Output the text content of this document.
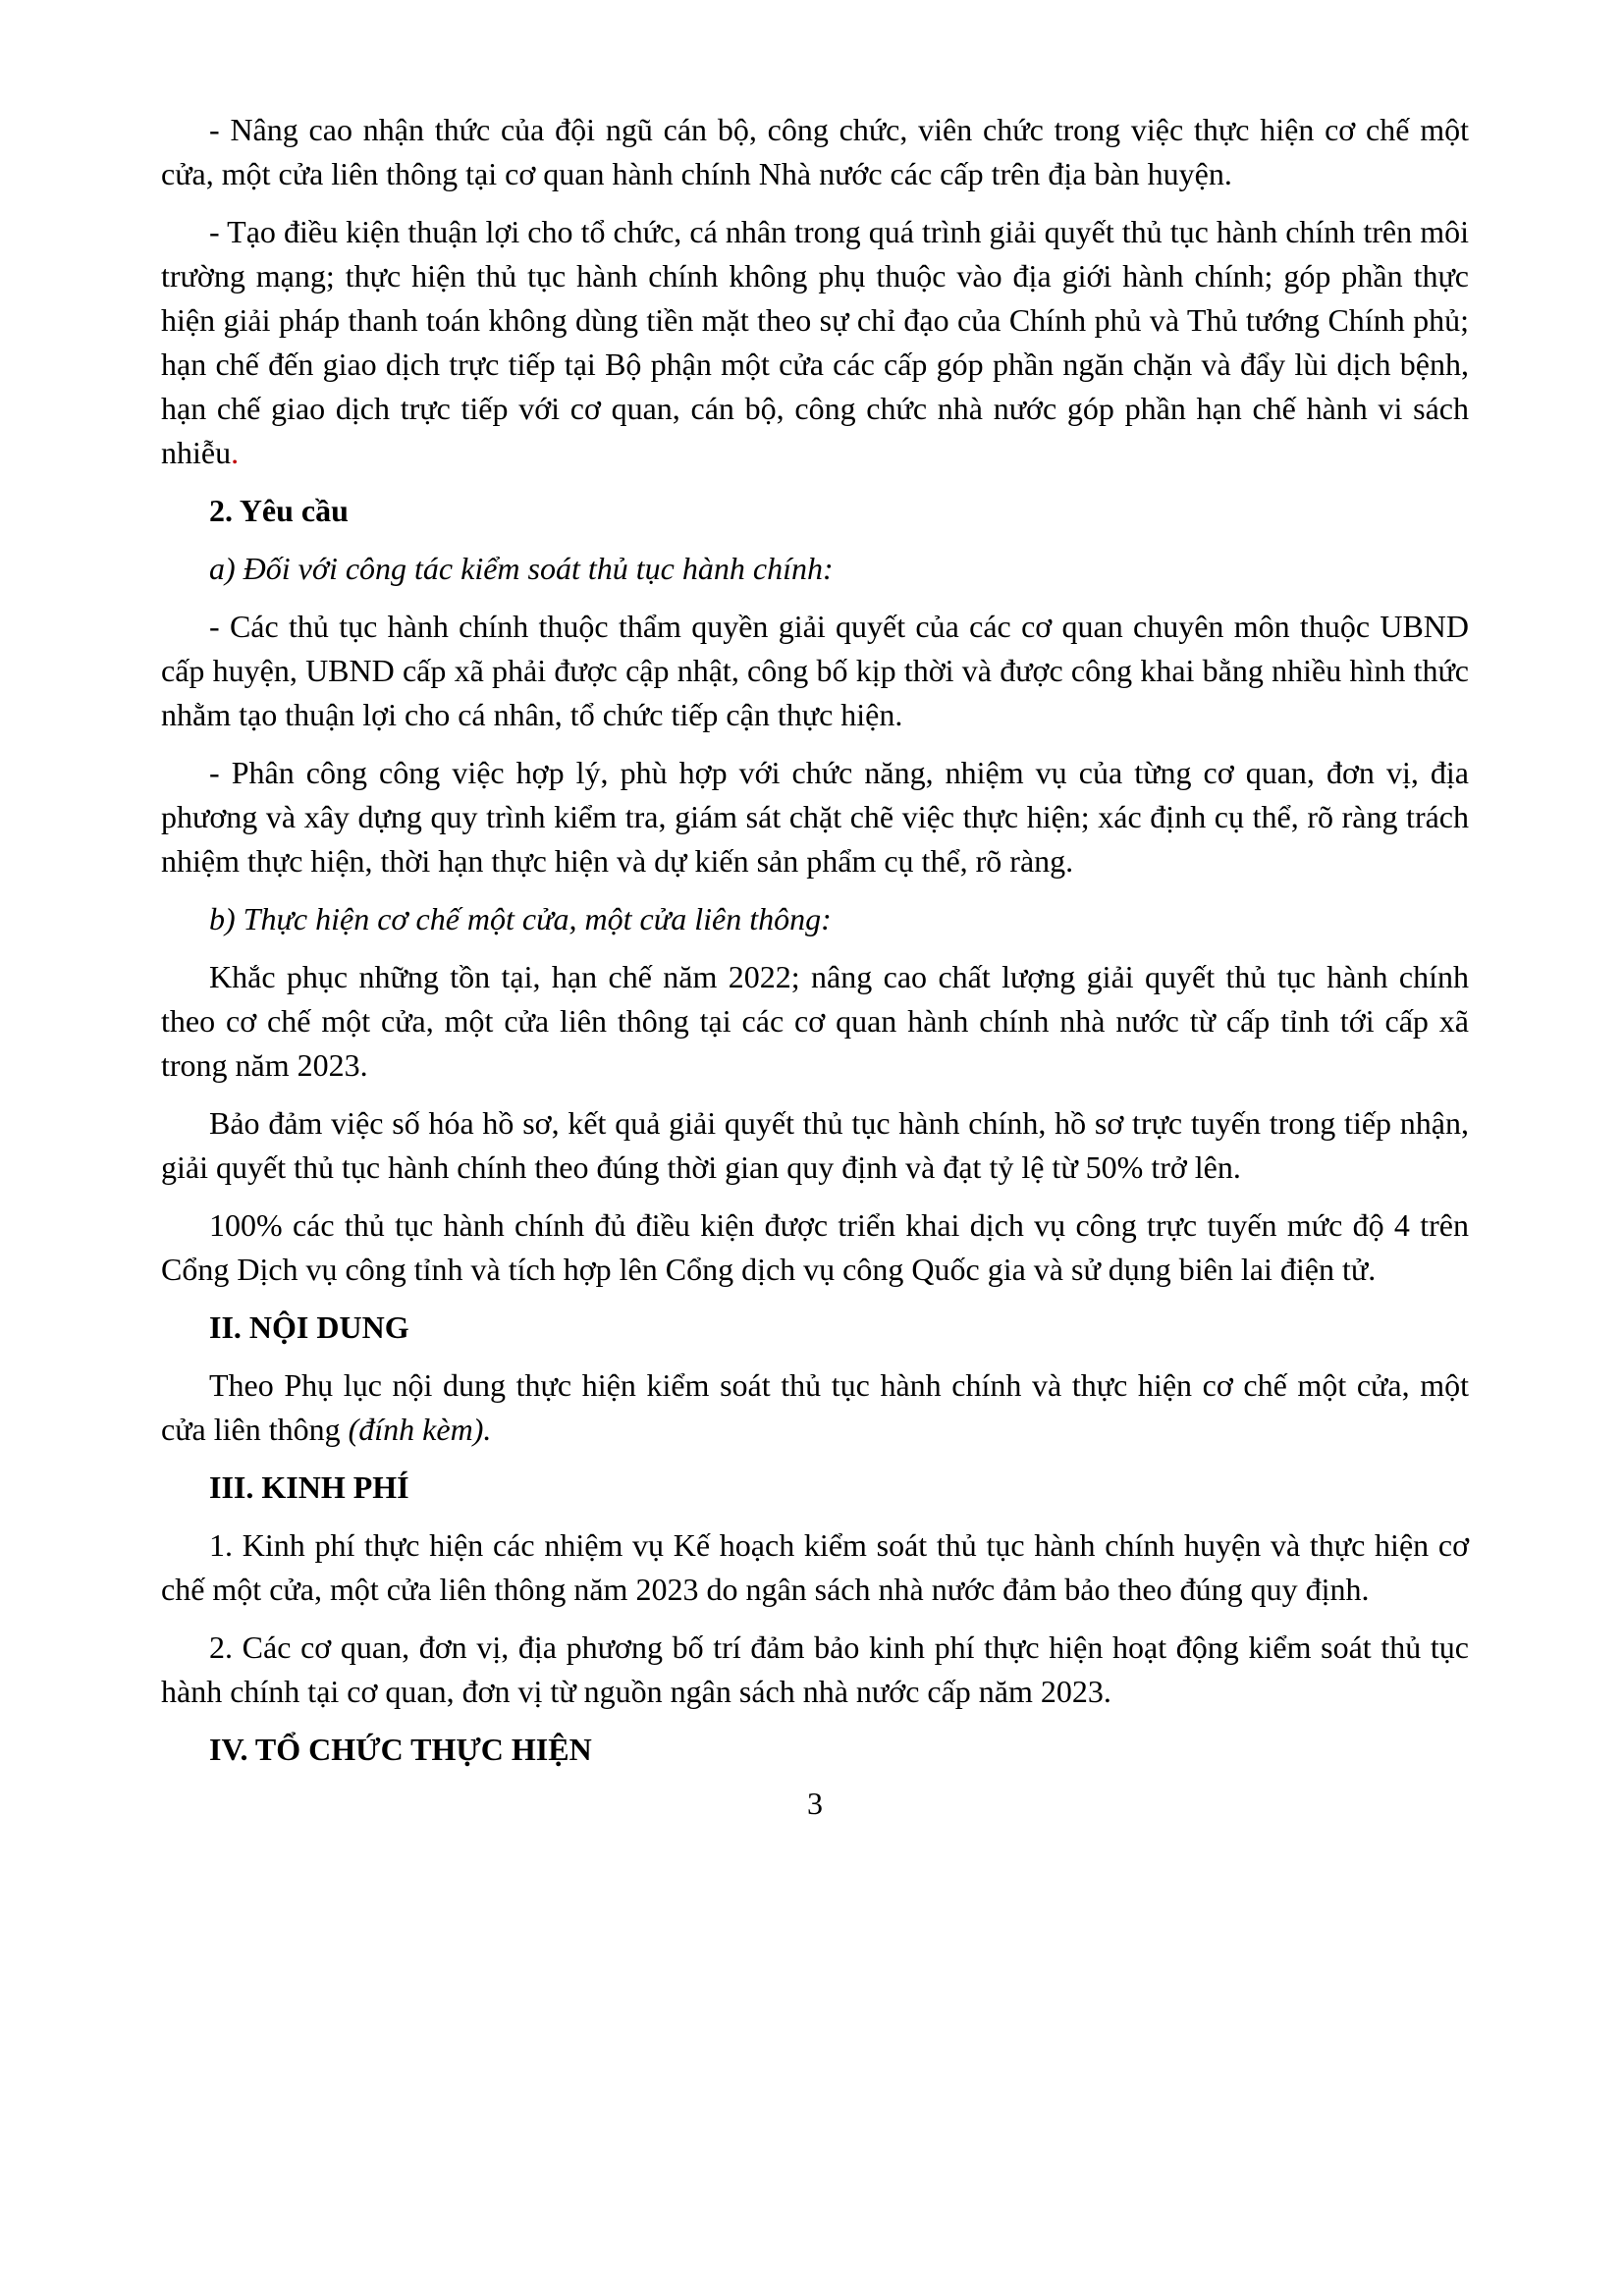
- Nâng cao nhận thức của đội ngũ cán bộ, công chức, viên chức trong việc thực hiện cơ chế một cửa, một cửa liên thông tại cơ quan hành chính Nhà nước các cấp trên địa bàn huyện.
- Tạo điều kiện thuận lợi cho tổ chức, cá nhân trong quá trình giải quyết thủ tục hành chính trên môi trường mạng; thực hiện thủ tục hành chính không phụ thuộc vào địa giới hành chính; góp phần thực hiện giải pháp thanh toán không dùng tiền mặt theo sự chỉ đạo của Chính phủ và Thủ tướng Chính phủ; hạn chế đến giao dịch trực tiếp tại Bộ phận một cửa các cấp góp phần ngăn chặn và đẩy lùi dịch bệnh, hạn chế giao dịch trực tiếp với cơ quan, cán bộ, công chức nhà nước góp phần hạn chế hành vi sách nhiễu.
2. Yêu cầu
a) Đối với công tác kiểm soát thủ tục hành chính:
- Các thủ tục hành chính thuộc thẩm quyền giải quyết của các cơ quan chuyên môn thuộc UBND cấp huyện, UBND cấp xã phải được cập nhật, công bố kịp thời và được công khai bằng nhiều hình thức nhằm tạo thuận lợi cho cá nhân, tổ chức tiếp cận thực hiện.
- Phân công công việc hợp lý, phù hợp với chức năng, nhiệm vụ của từng cơ quan, đơn vị, địa phương và xây dựng quy trình kiểm tra, giám sát chặt chẽ việc thực hiện; xác định cụ thể, rõ ràng trách nhiệm thực hiện, thời hạn thực hiện và dự kiến sản phẩm cụ thể, rõ ràng.
b) Thực hiện cơ chế một cửa, một cửa liên thông:
Khắc phục những tồn tại, hạn chế năm 2022; nâng cao chất lượng giải quyết thủ tục hành chính theo cơ chế một cửa, một cửa liên thông tại các cơ quan hành chính nhà nước từ cấp tỉnh tới cấp xã trong năm 2023.
Bảo đảm việc số hóa hồ sơ, kết quả giải quyết thủ tục hành chính, hồ sơ trực tuyến trong tiếp nhận, giải quyết thủ tục hành chính theo đúng thời gian quy định và đạt tỷ lệ từ 50% trở lên.
100% các thủ tục hành chính đủ điều kiện được triển khai dịch vụ công trực tuyến mức độ 4 trên Cổng Dịch vụ công tỉnh và tích hợp lên Cổng dịch vụ công Quốc gia và sử dụng biên lai điện tử.
II. NỘI DUNG
Theo Phụ lục nội dung thực hiện kiểm soát thủ tục hành chính và thực hiện cơ chế một cửa, một cửa liên thông (đính kèm).
III. KINH PHÍ
1. Kinh phí thực hiện các nhiệm vụ Kế hoạch kiểm soát thủ tục hành chính huyện và thực hiện cơ chế một cửa, một cửa liên thông năm 2023 do ngân sách nhà nước đảm bảo theo đúng quy định.
2. Các cơ quan, đơn vị, địa phương bố trí đảm bảo kinh phí thực hiện hoạt động kiểm soát thủ tục hành chính tại cơ quan, đơn vị từ nguồn ngân sách nhà nước cấp năm 2023.
IV. TỔ CHỨC THỰC HIỆN
3
